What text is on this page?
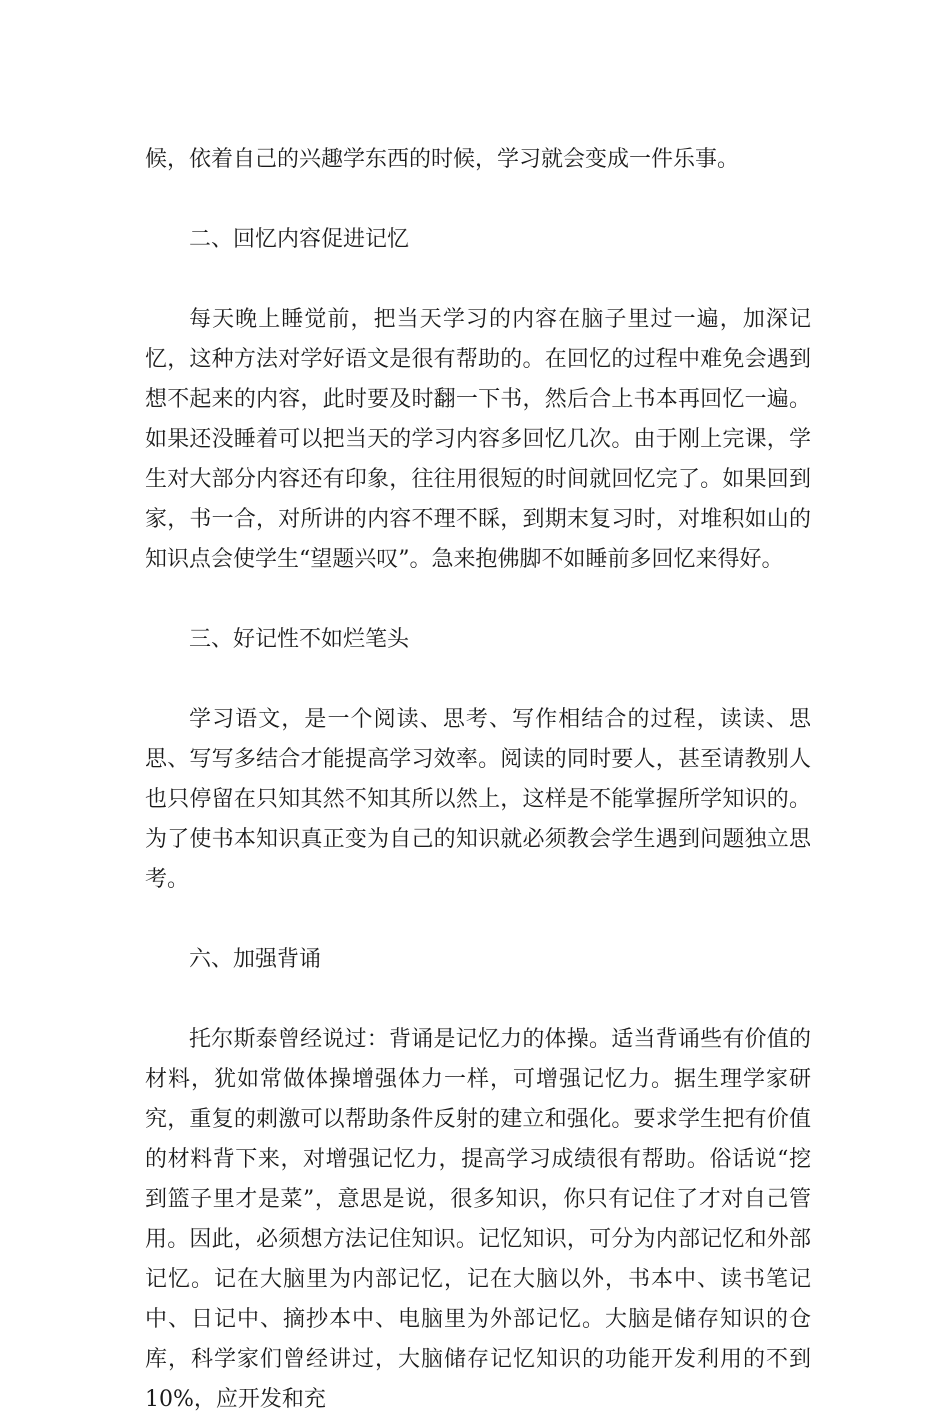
候，依着自己的兴趣学东西的时候，学习就会变成一件乐事。

二、回忆内容促进记忆

每天晚上睡觉前，把当天学习的内容在脑子里过一遍，加深记忆，这种方法对学好语文是很有帮助的。在回忆的过程中难免会遇到想不起来的内容，此时要及时翻一下书，然后合上书本再回忆一遍。如果还没睡着可以把当天的学习内容多回忆几次。由于刚上完课，学生对大部分内容还有印象，往往用很短的时间就回忆完了。如果回到家，书一合，对所讲的内容不理不睬，到期末复习时，对堆积如山的知识点会使学生“望题兴叹”。急来抱佛脚不如睡前多回忆来得好。

三、好记性不如烂笔头

学习语文，是一个阅读、思考、写作相结合的过程，读读、思思、写写多结合才能提高学习效率。阅读的同时要人，甚至请教别人也只停留在只知其然不知其所以然上，这样是不能掌握所学知识的。为了使书本知识真正变为自己的知识就必须教会学生遇到问题独立思考。

六、加强背诵

托尔斯泰曾经说过：背诵是记忆力的体操。适当背诵些有价值的材料，犹如常做体操增强体力一样，可增强记忆力。据生理学家研究，重复的刺激可以帮助条件反射的建立和强化。要求学生把有价值的材料背下来，对增强记忆力，提高学习成绩很有帮助。俗话说“挖到篮子里才是菜”，意思是说，很多知识，你只有记住了才对自己管用。因此，必须想方法记住知识。记忆知识，可分为内部记忆和外部记忆。记在大脑里为内部记忆，记在大脑以外，书本中、读书笔记中、日记中、摘抄本中、电脑里为外部记忆。大脑是储存知识的仓库，科学家们曾经讲过，大脑储存记忆知识的功能开发利用的不到10%，应开发和充
